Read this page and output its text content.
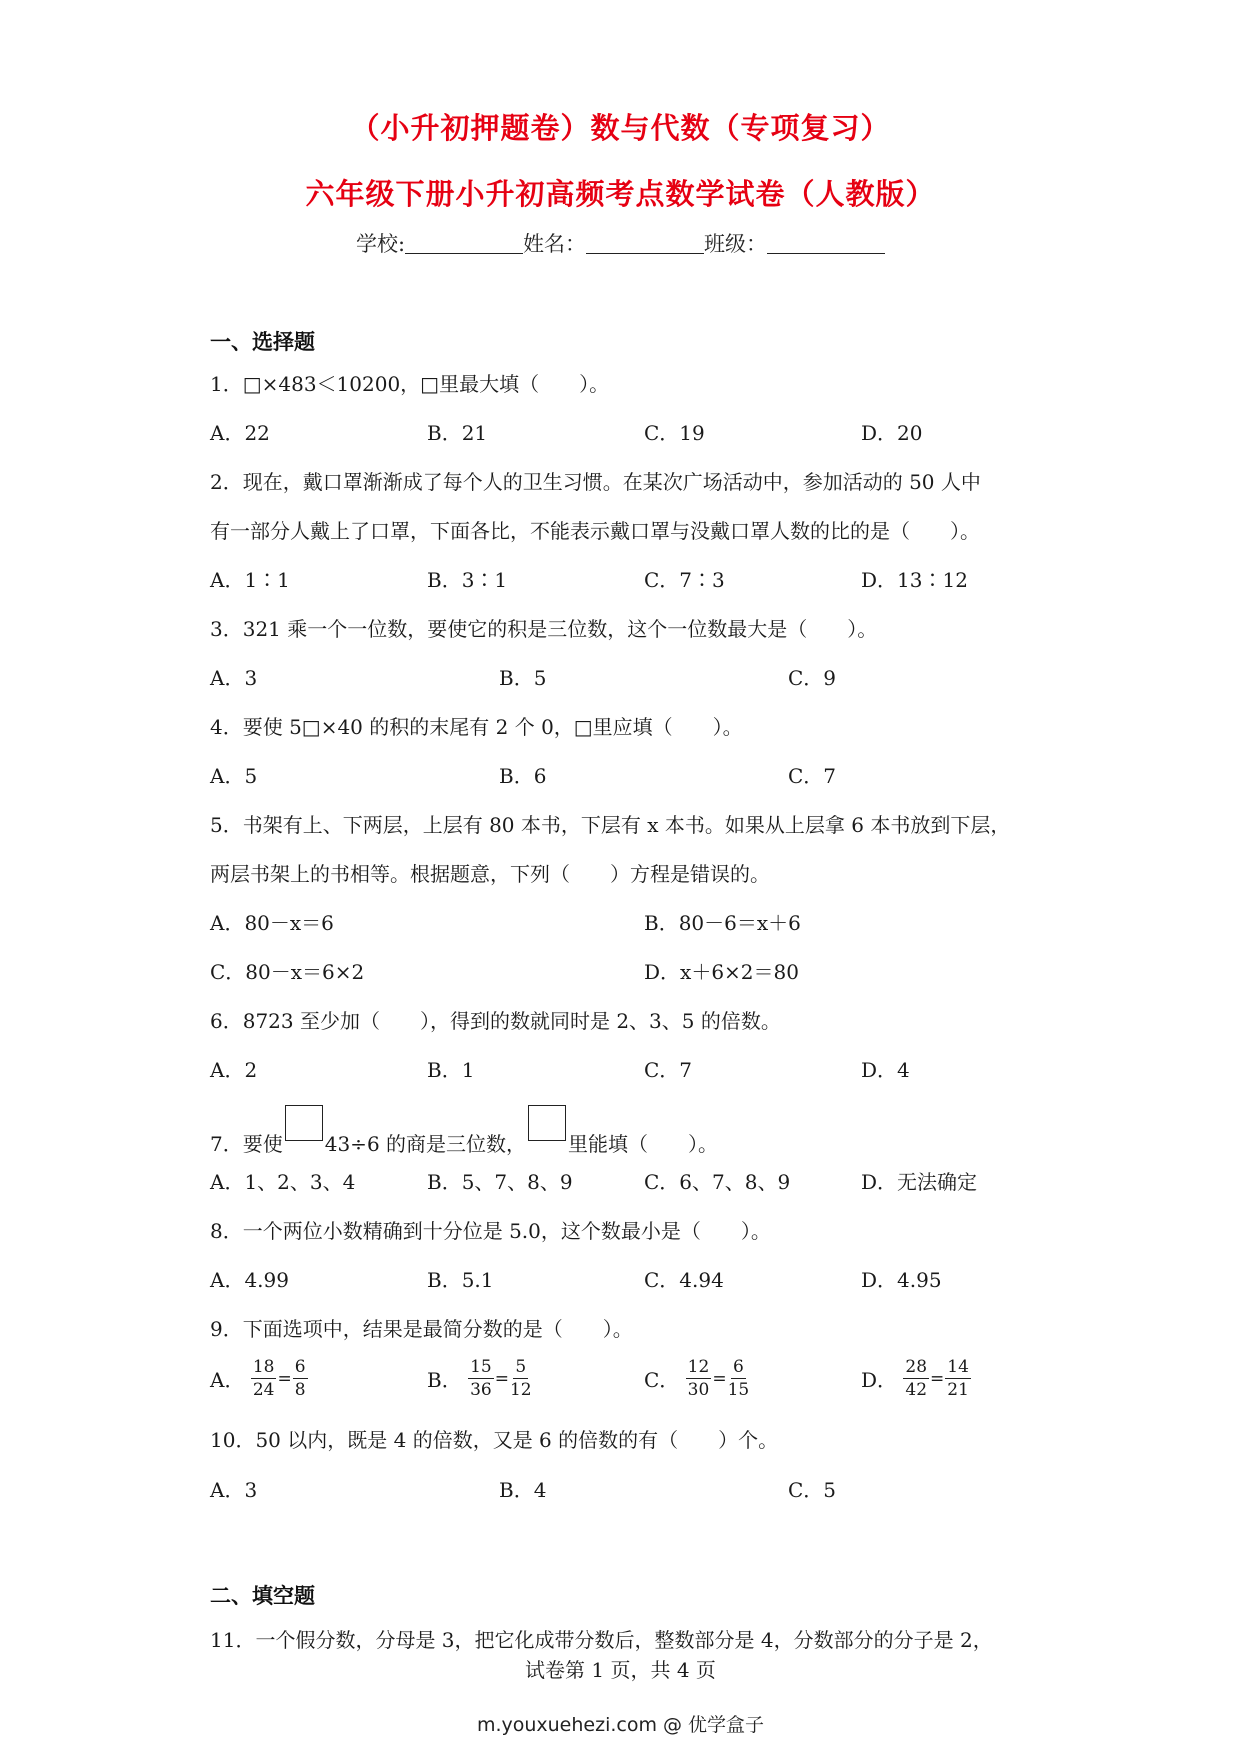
（小升初押题卷）数与代数（专项复习）
六年级下册小升初高频考点数学试卷（人教版）
学校:	姓名：	班级：
一、选择题
1．□×483＜10200，□里最大填（　　）。
A．22	B．21	C．19	D．20
2．现在，戴口罩渐渐成了每个人的卫生习惯。在某次广场活动中，参加活动的 50 人中
有一部分人戴上了口罩，下面各比，不能表示戴口罩与没戴口罩人数的比的是（　　）。
A．1∶1	B．3∶1	C．7∶3	D．13∶12
3．321 乘一个一位数，要使它的积是三位数，这个一位数最大是（　　）。
A．3	B．5	C．9
4．要使 5□×40 的积的末尾有 2 个 0，□里应填（　　）。
A．5	B．6	C．7
5．书架有上、下两层，上层有 80 本书，下层有 x 本书。如果从上层拿 6 本书放到下层，
两层书架上的书相等。根据题意，下列（　　）方程是错误的。
A．80－x＝6	B．80－6＝x＋6
C．80－x＝6×2	D．x＋6×2＝80
6．8723 至少加（　　），得到的数就同时是 2、3、5 的倍数。
A．2	B．1	C．7	D．4
7．要使 43÷6 的商是三位数， 里能填（　　）。
A．1、2、3、4	B．5、7、8、9	C．6、7、8、9	D．无法确定
8．一个两位小数精确到十分位是 5.0，这个数最小是（　　）。
A．4.99	B．5.1	C．4.94	D．4.95
9．下面选项中，结果是最简分数的是（　　）。
A． $\frac{18}{24} = \frac{6}{8}$	B． $\frac{15}{36} = \frac{5}{12}$	C． $\frac{12}{30} = \frac{6}{15}$	D． $\frac{28}{42} = \frac{14}{21}$
10．50 以内，既是 4 的倍数，又是 6 的倍数的有（　　）个。
A．3	B．4	C．5
二、填空题
11．一个假分数，分母是 3，把它化成带分数后，整数部分是 4，分数部分的分子是 2，
试卷第 1 页，共 4 页
m.youxuehezi.com @ 优学盒子
